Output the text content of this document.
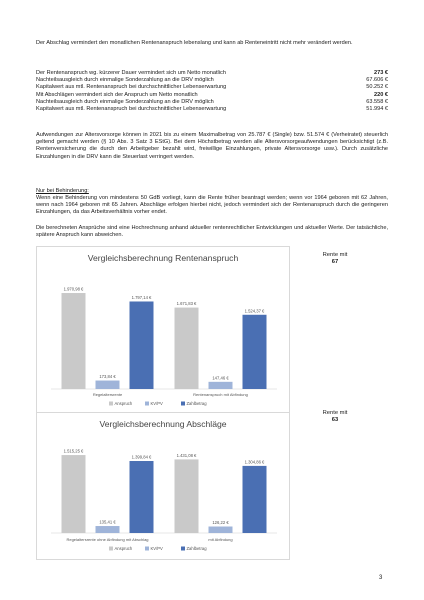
Der Abschlag vermindert den monatlichen Rentenanspruch lebenslang und kann ab Renteneintritt nicht mehr verändert werden.

Der Rentenanspruch wg. kürzerer Dauer vermindert sich um Netto monatlich	273 €
Nachteilsausgleich durch einmalige Sonderzahlung an die DRV möglich	67.606 €
Kapitalwert aus mtl. Rentenanspruch bei durchschnittlicher Lebenserwartung	50.252 €
Mit Abschlägen vermindert sich der Anspruch um Netto monatlich	220 €
Nachteilsausgleich durch einmalige Sonderzahlung an die DRV möglich	63.558 €
Kapitalwert aus mtl. Rentenanspruch bei durchschnittlicher Lebenserwartung	51.994 €

Aufwendungen zur Altersvorsorge können in 2021 bis zu einem Maximalbetrag von 25.787 € (Single) bzw. 51.574 € (Verheiratet) steuerlich geltend gemacht werden (§ 10 Abs. 3 Satz 3 EStG). Bei dem Höchstbetrag werden alle Altersvorsorgeaufwendungen berücksichtigt (z.B. Rentenversicherung die durch den Arbeitgeber bezahlt wird, freiwillige Einzahlungen, private Altersvorsorge usw.). Durch zusätzliche Einzahlungen in die DRV kann die Steuerlast verringert werden.

Nur bei Behinderung:

Wenn eine Behinderung von mindestens 50 GdB vorliegt, kann die Rente früher beantragt werden; wenn vor 1964 geboren mit 62 Jahren, wenn nach 1964 geboren mit 65 Jahren. Abschläge erfolgen hierbei nicht, jedoch vermindert sich der Rentenanspruch durch die geringeren Einzahlungen, da das Arbeitsverhältnis vorher endet.

Die berechneten Ansprüche sind eine Hochrechnung anhand aktueller rentenrechtlicher Entwicklungen und aktueller Werte. Der tatsächliche, spätere Anspruch kann abweichen.

Vergleichsberechnung Rentenanspruch
1.970,98 €
173,84 €
1.797,14 €
Regelaltersrente
1.671,83 €
147,46 €
1.524,37 €
Rentenanspruch mit Abfindung
Anspruch	KV/PV	Zahlbetrag
Vergleichsberechnung Abschläge
1.515,25 €
135,41 €
1.399,84 €
Regelaltersrente ohne Abfindung mit Abschlag
1.431,08 €
126,22 €
1.304,86 €
mit Abfindung
Anspruch	KV/PV	Zahlbetrag
Rente mit
67
Rente mit
63
3
